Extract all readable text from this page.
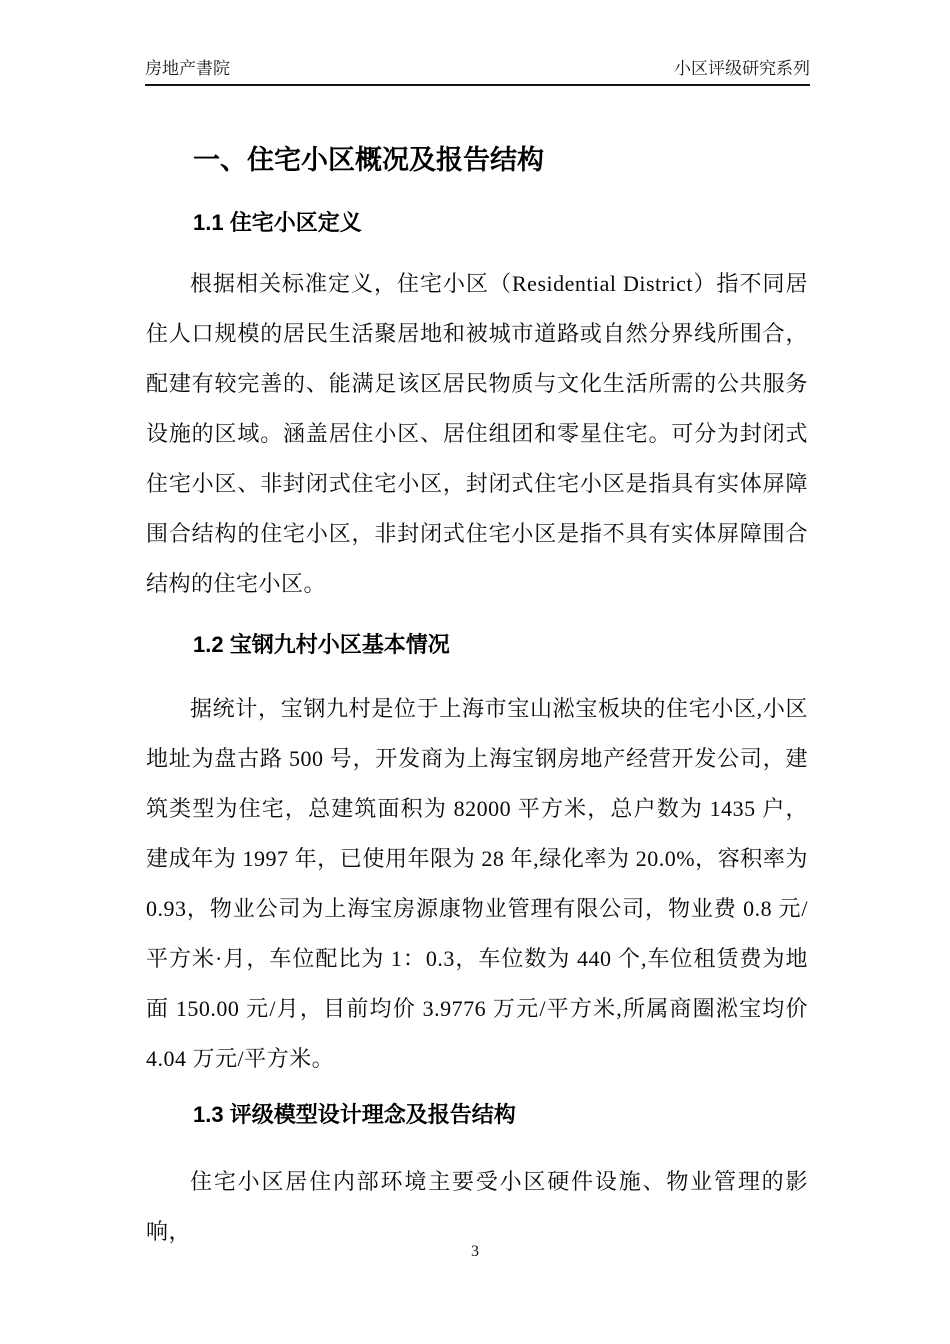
房地产書院	小区评级研究系列
一、住宅小区概况及报告结构
1.1 住宅小区定义

根据相关标准定义，住宅小区（Residential District）指不同居住人口规模的居民生活聚居地和被城市道路或自然分界线所围合，配建有较完善的、能满足该区居民物质与文化生活所需的公共服务设施的区域。涵盖居住小区、居住组团和零星住宅。可分为封闭式住宅小区、非封闭式住宅小区，封闭式住宅小区是指具有实体屏障围合结构的住宅小区，非封闭式住宅小区是指不具有实体屏障围合结构的住宅小区。

1.2 宝钢九村小区基本情况

据统计，宝钢九村是位于上海市宝山淞宝板块的住宅小区,小区地址为盘古路 500 号，开发商为上海宝钢房地产经营开发公司，建筑类型为住宅，总建筑面积为 82000 平方米，总户数为 1435 户，建成年为 1997 年，已使用年限为 28 年,绿化率为 20.0%，容积率为 0.93，物业公司为上海宝房源康物业管理有限公司，物业费 0.8 元/平方米·月，车位配比为 1：0.3，车位数为 440 个,车位租赁费为地面 150.00 元/月，目前均价 3.9776 万元/平方米,所属商圈淞宝均价 4.04 万元/平方米。

1.3 评级模型设计理念及报告结构

住宅小区居住内部环境主要受小区硬件设施、物业管理的影响，

3
